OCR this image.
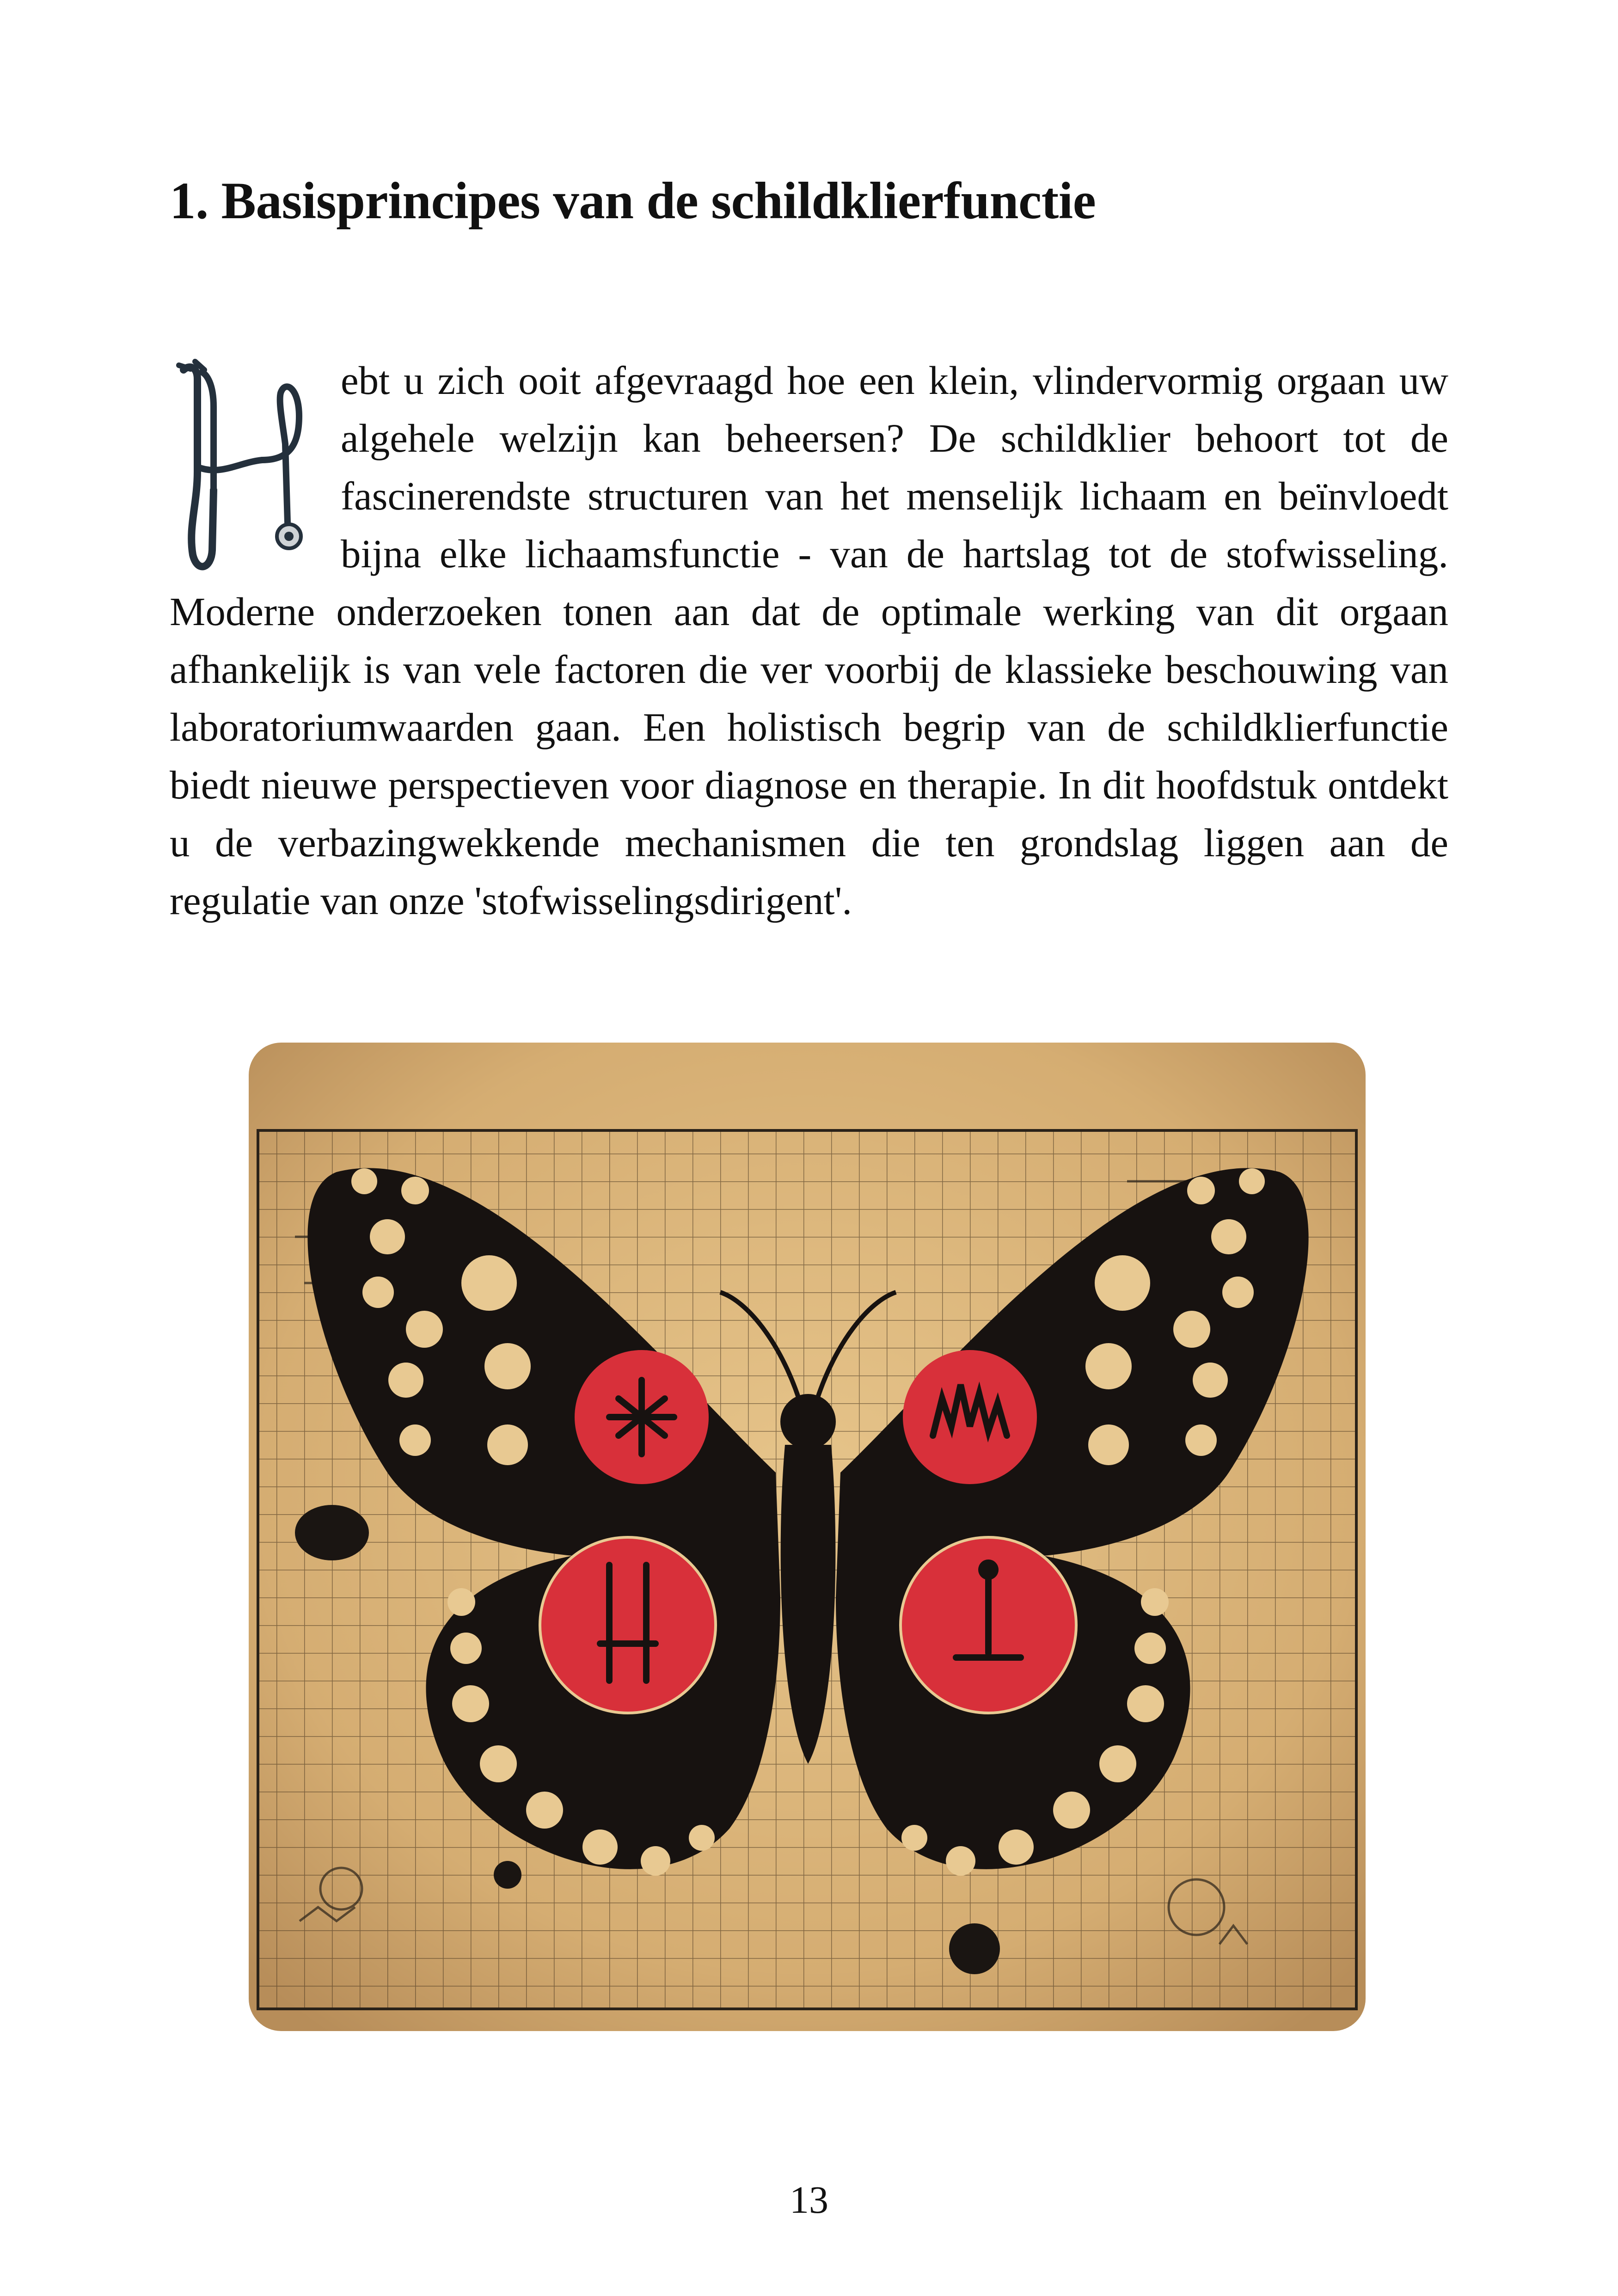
1. Basisprincipes van de schildklierfunctie
ebt u zich ooit afgevraagd hoe een klein, vlindervormig orgaan uw algehele welzijn kan beheersen? De schildklier behoort tot de fascinerendste structuren van het menselijk lichaam en beïnvloedt bijna elke lichaamsfunctie - van de hartslag tot de stofwisseling. Moderne onderzoeken tonen aan dat de optimale werking van dit orgaan afhankelijk is van vele factoren die ver voorbij de klassieke beschouwing van laboratoriumwaarden gaan. Een holistisch begrip van de schildklierfunctie biedt nieuwe perspectieven voor diagnose en therapie. In dit hoofdstuk ontdekt u de verbazingwekkende mechanismen die ten grondslag liggen aan de regulatie van onze 'stofwisselingsdirigent'.
13
